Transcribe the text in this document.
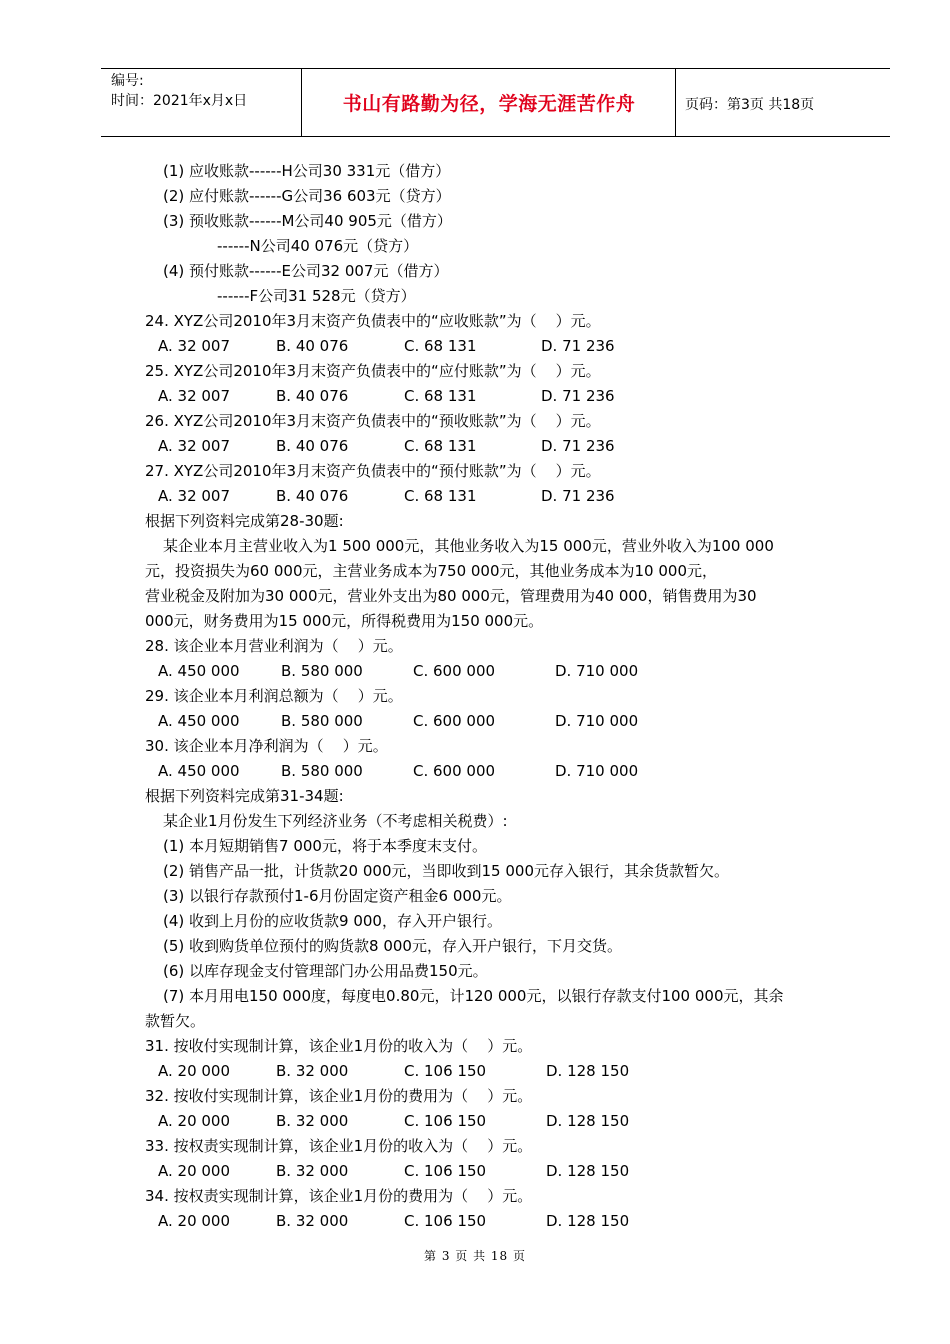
编号:
时间：2021年x月x日	书山有路勤为径，学海无涯苦作舟	页码：第3页 共18页
(1) 应收账款------H公司30 331元（借方）
(2) 应付账款------G公司36 603元（贷方）
(3) 预收账款------M公司40 905元（借方）
------N公司40 076元（贷方）
(4) 预付账款------E公司32 007元（借方）
------F公司31 528元（贷方）
24. XYZ公司2010年3月末资产负债表中的“应收账款”为（    ）元。
A. 32 007	B. 40 076	C. 68 131	D. 71 236
25. XYZ公司2010年3月末资产负债表中的“应付账款”为（    ）元。
A. 32 007	B. 40 076	C. 68 131	D. 71 236
26. XYZ公司2010年3月末资产负债表中的“预收账款”为（    ）元。
A. 32 007	B. 40 076	C. 68 131	D. 71 236
27. XYZ公司2010年3月末资产负债表中的“预付账款”为（    ）元。
A. 32 007	B. 40 076	C. 68 131	D. 71 236
根据下列资料完成第28-30题:
某企业本月主营业收入为1 500 000元，其他业务收入为15 000元，营业外收入为100 000
元，投资损失为60 000元，主营业务成本为750 000元，其他业务成本为10 000元，
营业税金及附加为30 000元，营业外支出为80 000元，管理费用为40 000，销售费用为30
000元，财务费用为15 000元，所得税费用为150 000元。
28. 该企业本月营业利润为（    ）元。
A. 450 000	B. 580 000	C. 600 000	D. 710 000
29. 该企业本月利润总额为（    ）元。
A. 450 000	B. 580 000	C. 600 000	D. 710 000
30. 该企业本月净利润为（    ）元。
A. 450 000	B. 580 000	C. 600 000	D. 710 000
根据下列资料完成第31-34题:
某企业1月份发生下列经济业务（不考虑相关税费）:
(1) 本月短期销售7 000元，将于本季度末支付。
(2) 销售产品一批，计货款20 000元，当即收到15 000元存入银行，其余货款暂欠。
(3) 以银行存款预付1-6月份固定资产租金6 000元。
(4) 收到上月份的应收货款9 000，存入开户银行。
(5) 收到购货单位预付的购货款8 000元，存入开户银行，下月交货。
(6) 以库存现金支付管理部门办公用品费150元。
(7) 本月用电150 000度，每度电0.80元，计120 000元，以银行存款支付100 000元，其余
款暂欠。
31. 按收付实现制计算，该企业1月份的收入为（    ）元。
A. 20 000	B. 32 000	C. 106 150	D. 128 150
32. 按收付实现制计算，该企业1月份的费用为（    ）元。
A. 20 000	B. 32 000	C. 106 150	D. 128 150
33. 按权责实现制计算，该企业1月份的收入为（    ）元。
A. 20 000	B. 32 000	C. 106 150	D. 128 150
34. 按权责实现制计算，该企业1月份的费用为（    ）元。
A. 20 000	B. 32 000	C. 106 150	D. 128 150
第 3 页 共 18 页
